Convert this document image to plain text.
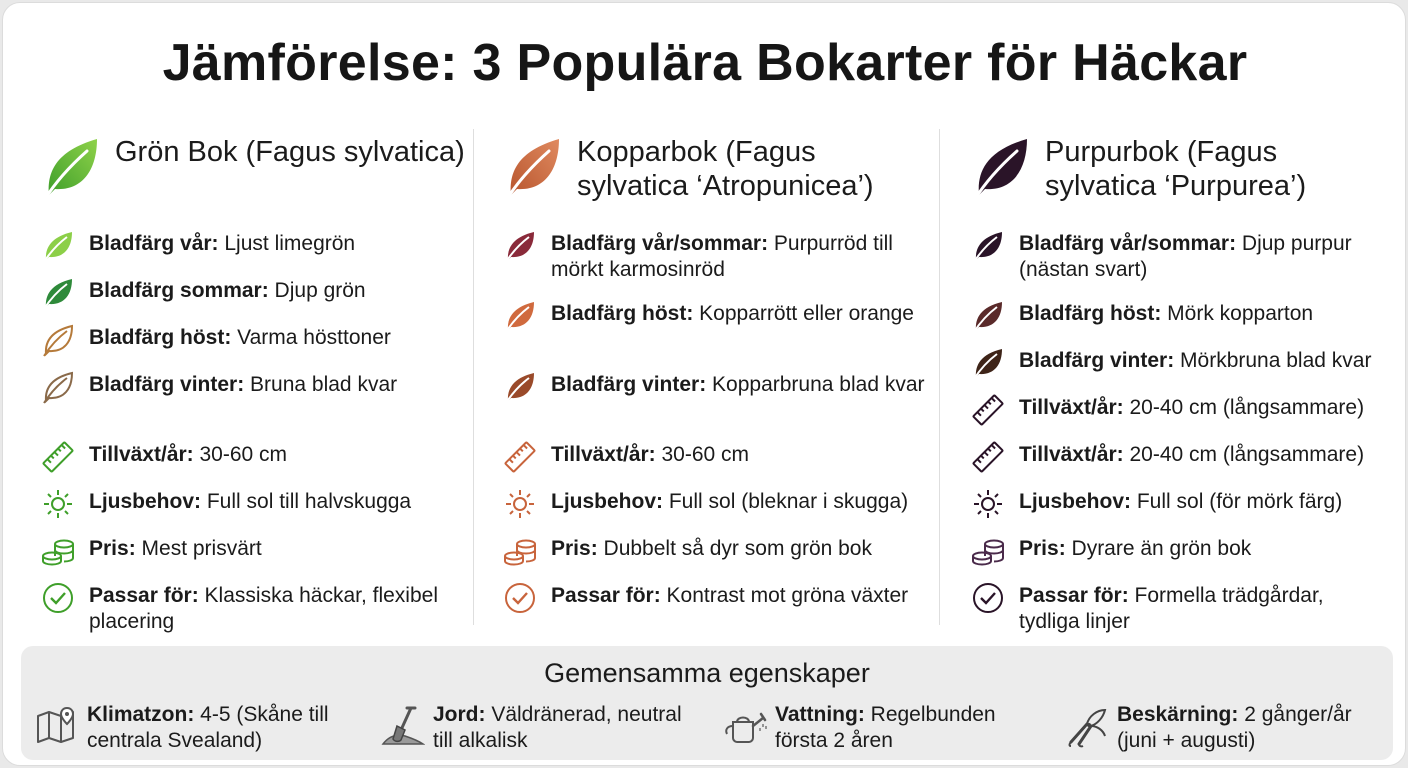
Jämförelse: 3 Populära Bokarter för Häckar
Grön Bok (Fagus sylvatica)
Bladfärg vår: Ljust limegrön
Bladfärg sommar: Djup grön
Bladfärg höst: Varma hösttoner
Bladfärg vinter: Bruna blad kvar
Tillväxt/år: 30-60 cm
Ljusbehov: Full sol till halvskugga
Pris: Mest prisvärt
Passar för: Klassiska häckar, flexibel placering
Kopparbok (Fagus sylvatica ‘Atropunicea’)
Bladfärg vår/sommar: Purpurröd till mörkt karmosinröd
Bladfärg höst: Kopparrött eller orange
Bladfärg vinter: Kopparbruna blad kvar
Tillväxt/år: 30-60 cm
Ljusbehov: Full sol (bleknar i skugga)
Pris: Dubbelt så dyr som grön bok
Passar för: Kontrast mot gröna växter
Purpurbok (Fagus sylvatica ‘Purpurea’)
Bladfärg vår/sommar: Djup purpur (nästan svart)
Bladfärg höst: Mörk kopparton
Bladfärg vinter: Mörkbruna blad kvar
Tillväxt/år: 20-40 cm (långsammare)
Tillväxt/år: 20-40 cm (långsammare)
Ljusbehov: Full sol (för mörk färg)
Pris: Dyrare än grön bok
Passar för: Formella trädgårdar, tydliga linjer
Gemensamma egenskaper
Klimatzon: 4-5 (Skåne till centrala Svealand)
Jord: Väldränerad, neutral till alkalisk
Vattning: Regelbunden första 2 åren
Beskärning: 2 gånger/år (juni + augusti)
